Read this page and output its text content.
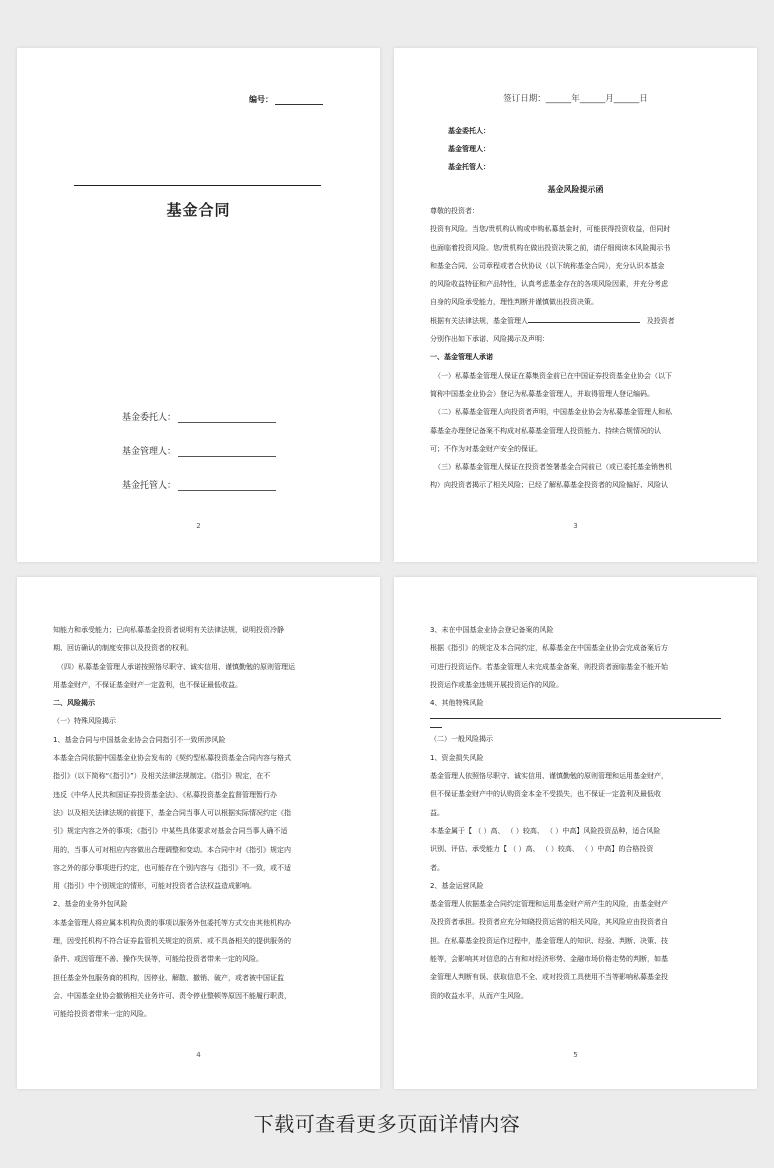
编号：
基金合同
基金委托人：
基金管理人：
基金托管人：
2
签订日期：______年______月______日
基金委托人：
基金管理人：
基金托管人：
基金风险提示函

尊敬的投资者：

投资有风险。当您/贵机构认购或申购私募基金时，可能获得投资收益，但同时

也面临着投资风险。您/贵机构在做出投资决策之前，请仔细阅读本风险揭示书

和基金合同、公司章程或者合伙协议（以下统称基金合同），充分认识本基金

的风险收益特征和产品特性，认真考虑基金存在的各项风险因素，并充分考虑

自身的风险承受能力，理性判断并谨慎做出投资决策。

根据有关法律法规，基金管理人	及投资者

分别作出如下承诺、风险揭示及声明：

一、基金管理人承诺

（一）私募基金管理人保证在募集资金前已在中国证券投资基金业协会（以下

简称中国基金业协会）登记为私募基金管理人，并取得管理人登记编码。

（二）私募基金管理人向投资者声明，中国基金业协会为私募基金管理人和私

募基金办理登记备案不构成对私募基金管理人投资能力、持续合规情况的认

可；不作为对基金财产安全的保证。

（三）私募基金管理人保证在投资者签署基金合同前已（或已委托基金销售机

构）向投资者揭示了相关风险；已经了解私募基金投资者的风险偏好、风险认

3

知能力和承受能力；已向私募基金投资者说明有关法律法规，说明投资冷静

期、回访确认的制度安排以及投资者的权利。

（四）私募基金管理人承诺按照恪尽职守、诚实信用、谨慎勤勉的原则管理运

用基金财产，不保证基金财产一定盈利，也不保证最低收益。

二、风险揭示

（一）特殊风险揭示

1、基金合同与中国基金业协会合同指引不一致所涉风险

本基金合同依据中国基金业协会发布的《契约型私募投资基金合同内容与格式

指引》（以下简称“《指引》”）及相关法律法规制定。《指引》规定，在不

违反《中华人民共和国证券投资基金法》、《私募投资基金监督管理暂行办

法》以及相关法律法规的前提下，基金合同当事人可以根据实际情况约定《指

引》规定内容之外的事项；《指引》中某些具体要求对基金合同当事人确不适

用的，当事人可对相应内容做出合理调整和变动。本合同中对《指引》规定内

容之外的部分事项进行约定，也可能存在个别内容与《指引》不一致，或不适

用《指引》中个别规定的情形，可能对投资者合法权益造成影响。

2、基金的业务外包风险

本基金管理人将应属本机构负责的事项以服务外包委托等方式交由其他机构办

理，因受托机构不符合证券监管机关规定的资质、或不具备相关的提供服务的

条件、或因管理不善、操作失误等，可能给投资者带来一定的风险。

担任基金外包服务商的机构，因停业、解散、撤销、破产，或者被中国证监

会、中国基金业协会撤销相关业务许可、责令停业整顿等原因不能履行职责，

可能给投资者带来一定的风险。

4

3、未在中国基金业协会登记备案的风险

根据《指引》的规定及本合同约定，私募基金在中国基金业协会完成备案后方

可进行投资运作。若基金管理人未完成基金备案，则投资者面临基金不能开始

投资运作或基金违规开展投资运作的风险。

4、其他特殊风险

（二）一般风险揭示

1、资金损失风险

基金管理人依照恪尽职守、诚实信用、谨慎勤勉的原则管理和运用基金财产，

但不保证基金财产中的认购资金本金不受损失，也不保证一定盈利及最低收

益。

本基金属于【 （ ）高、 （ ）较高、 （ ）中高】风险投资品种，适合风险

识别、评估、承受能力【 （ ）高、 （ ）较高、 （ ）中高】的合格投资

者。

2、基金运营风险

基金管理人依据基金合同约定管理和运用基金财产所产生的风险，由基金财产

及投资者承担。投资者应充分知晓投资运营的相关风险，其风险应由投资者自

担。在私募基金投资运作过程中，基金管理人的知识、经验、判断、决策、技

能等，会影响其对信息的占有和对经济形势、金融市场价格走势的判断，如基

金管理人判断有误、获取信息不全、或对投资工具使用不当等影响私募基金投

资的收益水平，从而产生风险。

5
下载可查看更多页面详情内容
